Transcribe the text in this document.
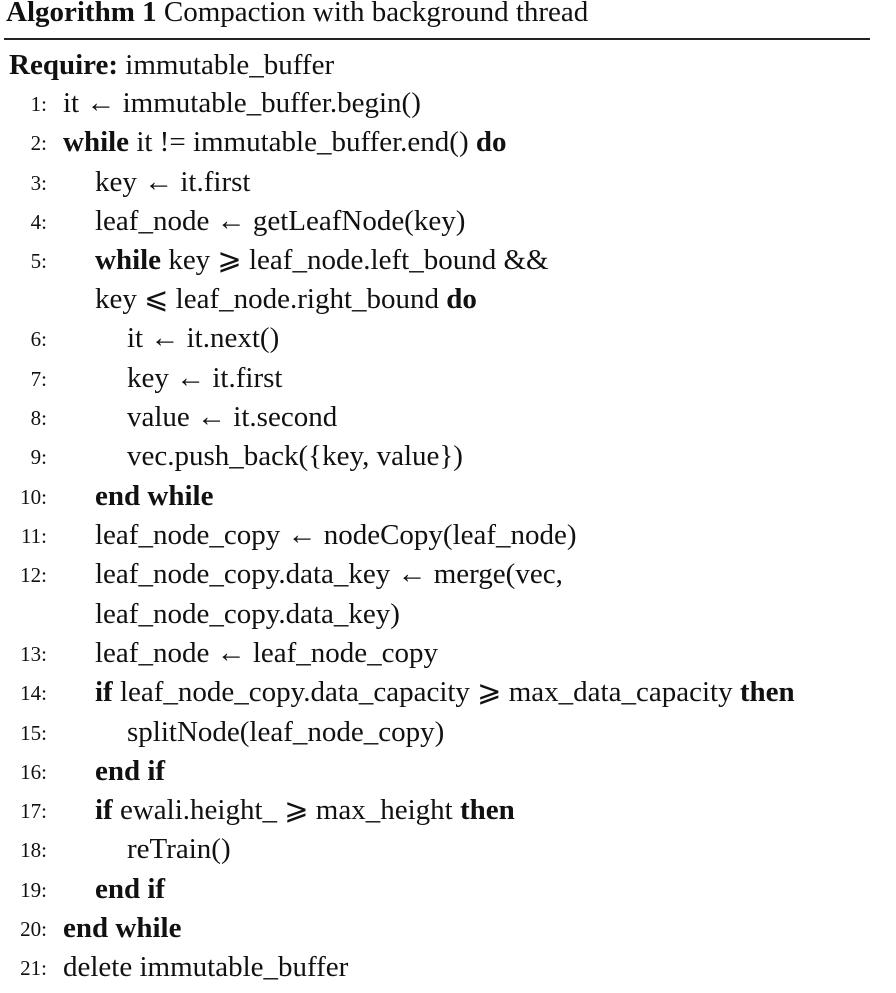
Algorithm 1 Compaction with background thread
Require: immutable_buffer
1: it ← immutable_buffer.begin()
2: while it != immutable_buffer.end() do
3: key ← it.first
4: leaf_node ← getLeafNode(key)
5: while key ⩾ leaf_node.left_bound &&
key ⩽ leaf_node.right_bound do
6:	it ← it.next()
7:	key ← it.first
8:	value ← it.second
9:	vec.push_back({key, value})
10: end while
11: leaf_node_copy ← nodeCopy(leaf_node)
12: leaf_node_copy.data_key ← merge(vec,
leaf_node_copy.data_key)
13: leaf_node ← leaf_node_copy
14: if leaf_node_copy.data_capacity ⩾ max_data_capacity then
15:	splitNode(leaf_node_copy)
16: end if
17: if ewali.height_ ⩾ max_height then
18:	reTrain()
19: end if
20: end while
21: delete immutable_buffer
